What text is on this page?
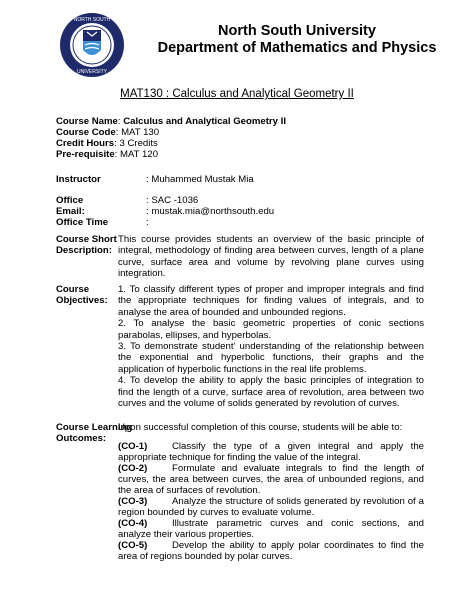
NORTH SOUTH
UNIVERSITY
North South University
Department of Mathematics and Physics
MAT130 : Calculus and Analytical Geometry II
Course Name: Calculus and Analytical Geometry II
Course Code: MAT 130
Credit Hours: 3 Credits
Pre-requisite: MAT 120
Instructor	: Muhammed Mustak Mia
Office	: SAC -1036
Email:	: mustak.mia@northsouth.edu
Office Time	:
Course Short
Description:
This course provides students an overview of the basic principle of integral, methodology of finding area between curves, length of a plane curve, surface area and volume by revolving plane curves using integration.
Course
Objectives:
1. To classify different types of proper and improper integrals and find the appropriate techniques for finding values of integrals, and to analyse the area of bounded and unbounded regions.
2. To analyse the basic geometric properties of conic sections parabolas, ellipses, and hyperbolas.
3. To demonstrate student’ understanding of the relationship between the exponential and hyperbolic functions, their graphs and the application of hyperbolic functions in the real life problems.
4. To develop the ability to apply the basic principles of integration to find the length of a curve, surface area of revolution, area between two curves and the volume of solids generated by revolution of curves.
Course Learning
Outcomes:
Upon successful completion of this course, students will be able to:
(CO-1)	Classify the type of a given integral and apply the appropriate technique for finding the value of the integral.
(CO-2)	Formulate and evaluate integrals to find the length of curves, the area between curves, the area of unbounded regions, and the area of surfaces of revolution.
(CO-3)	Analyze the structure of solids generated by revolution of a region bounded by curves to evaluate volume.
(CO-4)	Illustrate parametric curves and conic sections, and analyze their various properties.
(CO-5)	Develop the ability to apply polar coordinates to find the area of regions bounded by polar curves.
